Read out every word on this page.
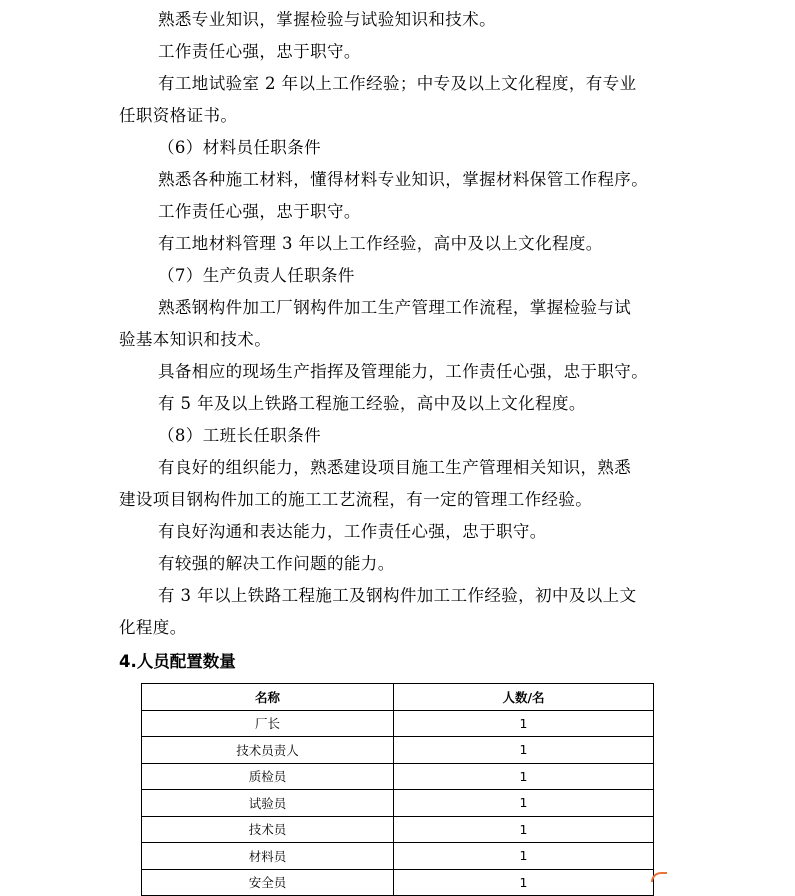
熟悉专业知识，掌握检验与试验知识和技术。
工作责任心强，忠于职守。
有工地试验室 2 年以上工作经验；中专及以上文化程度，有专业
任职资格证书。
（6）材料员任职条件
熟悉各种施工材料，懂得材料专业知识，掌握材料保管工作程序。
工作责任心强，忠于职守。
有工地材料管理 3 年以上工作经验，高中及以上文化程度。
（7）生产负责人任职条件
熟悉钢构件加工厂钢构件加工生产管理工作流程，掌握检验与试
验基本知识和技术。
具备相应的现场生产指挥及管理能力，工作责任心强，忠于职守。
有 5 年及以上铁路工程施工经验，高中及以上文化程度。
（8）工班长任职条件
有良好的组织能力，熟悉建设项目施工生产管理相关知识，熟悉
建设项目钢构件加工的施工工艺流程，有一定的管理工作经验。
有良好沟通和表达能力，工作责任心强，忠于职守。
有较强的解决工作问题的能力。
有 3 年以上铁路工程施工及钢构件加工工作经验，初中及以上文
化程度。
4.人员配置数量
名称	人数/名
厂长	1
技术员责人	1
质检员	1
试验员	1
技术员	1
材料员	1
安全员	1
